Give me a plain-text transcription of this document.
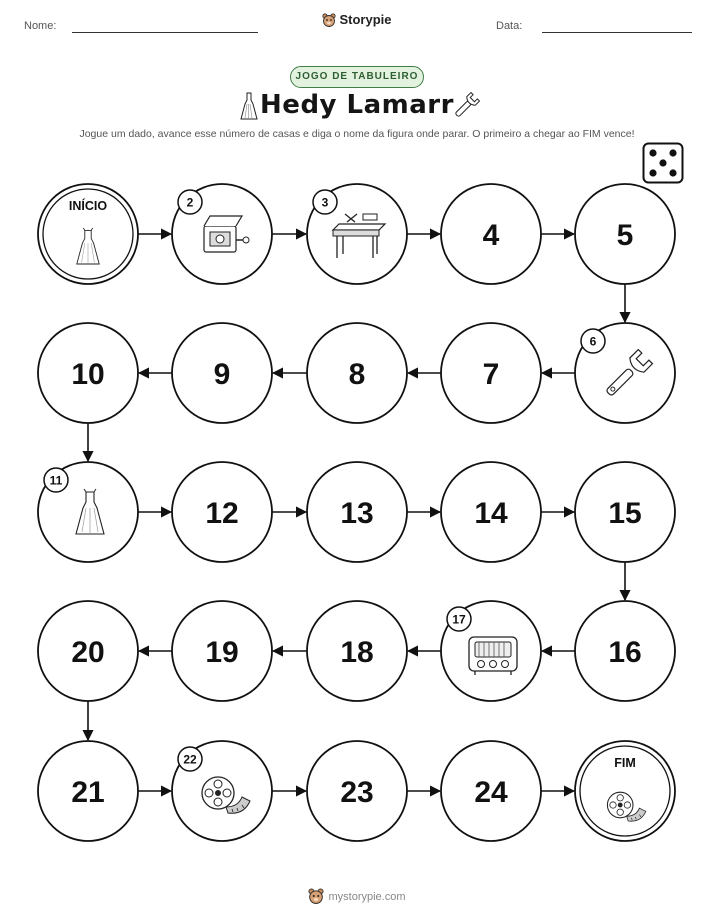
Nome:	Storypie	Data:
JOGO DE TABULEIRO
Hedy Lamarr
Jogue um dado, avance esse número de casas e diga o nome da figura onde parar. O primeiro a chegar ao FIM vence!
INÍCIO	2	3
4	5
6
7
8
9
10
11
12	13	14	15
16
17
18
19
20
21
22
23	24
FIM
mystorypie.com
